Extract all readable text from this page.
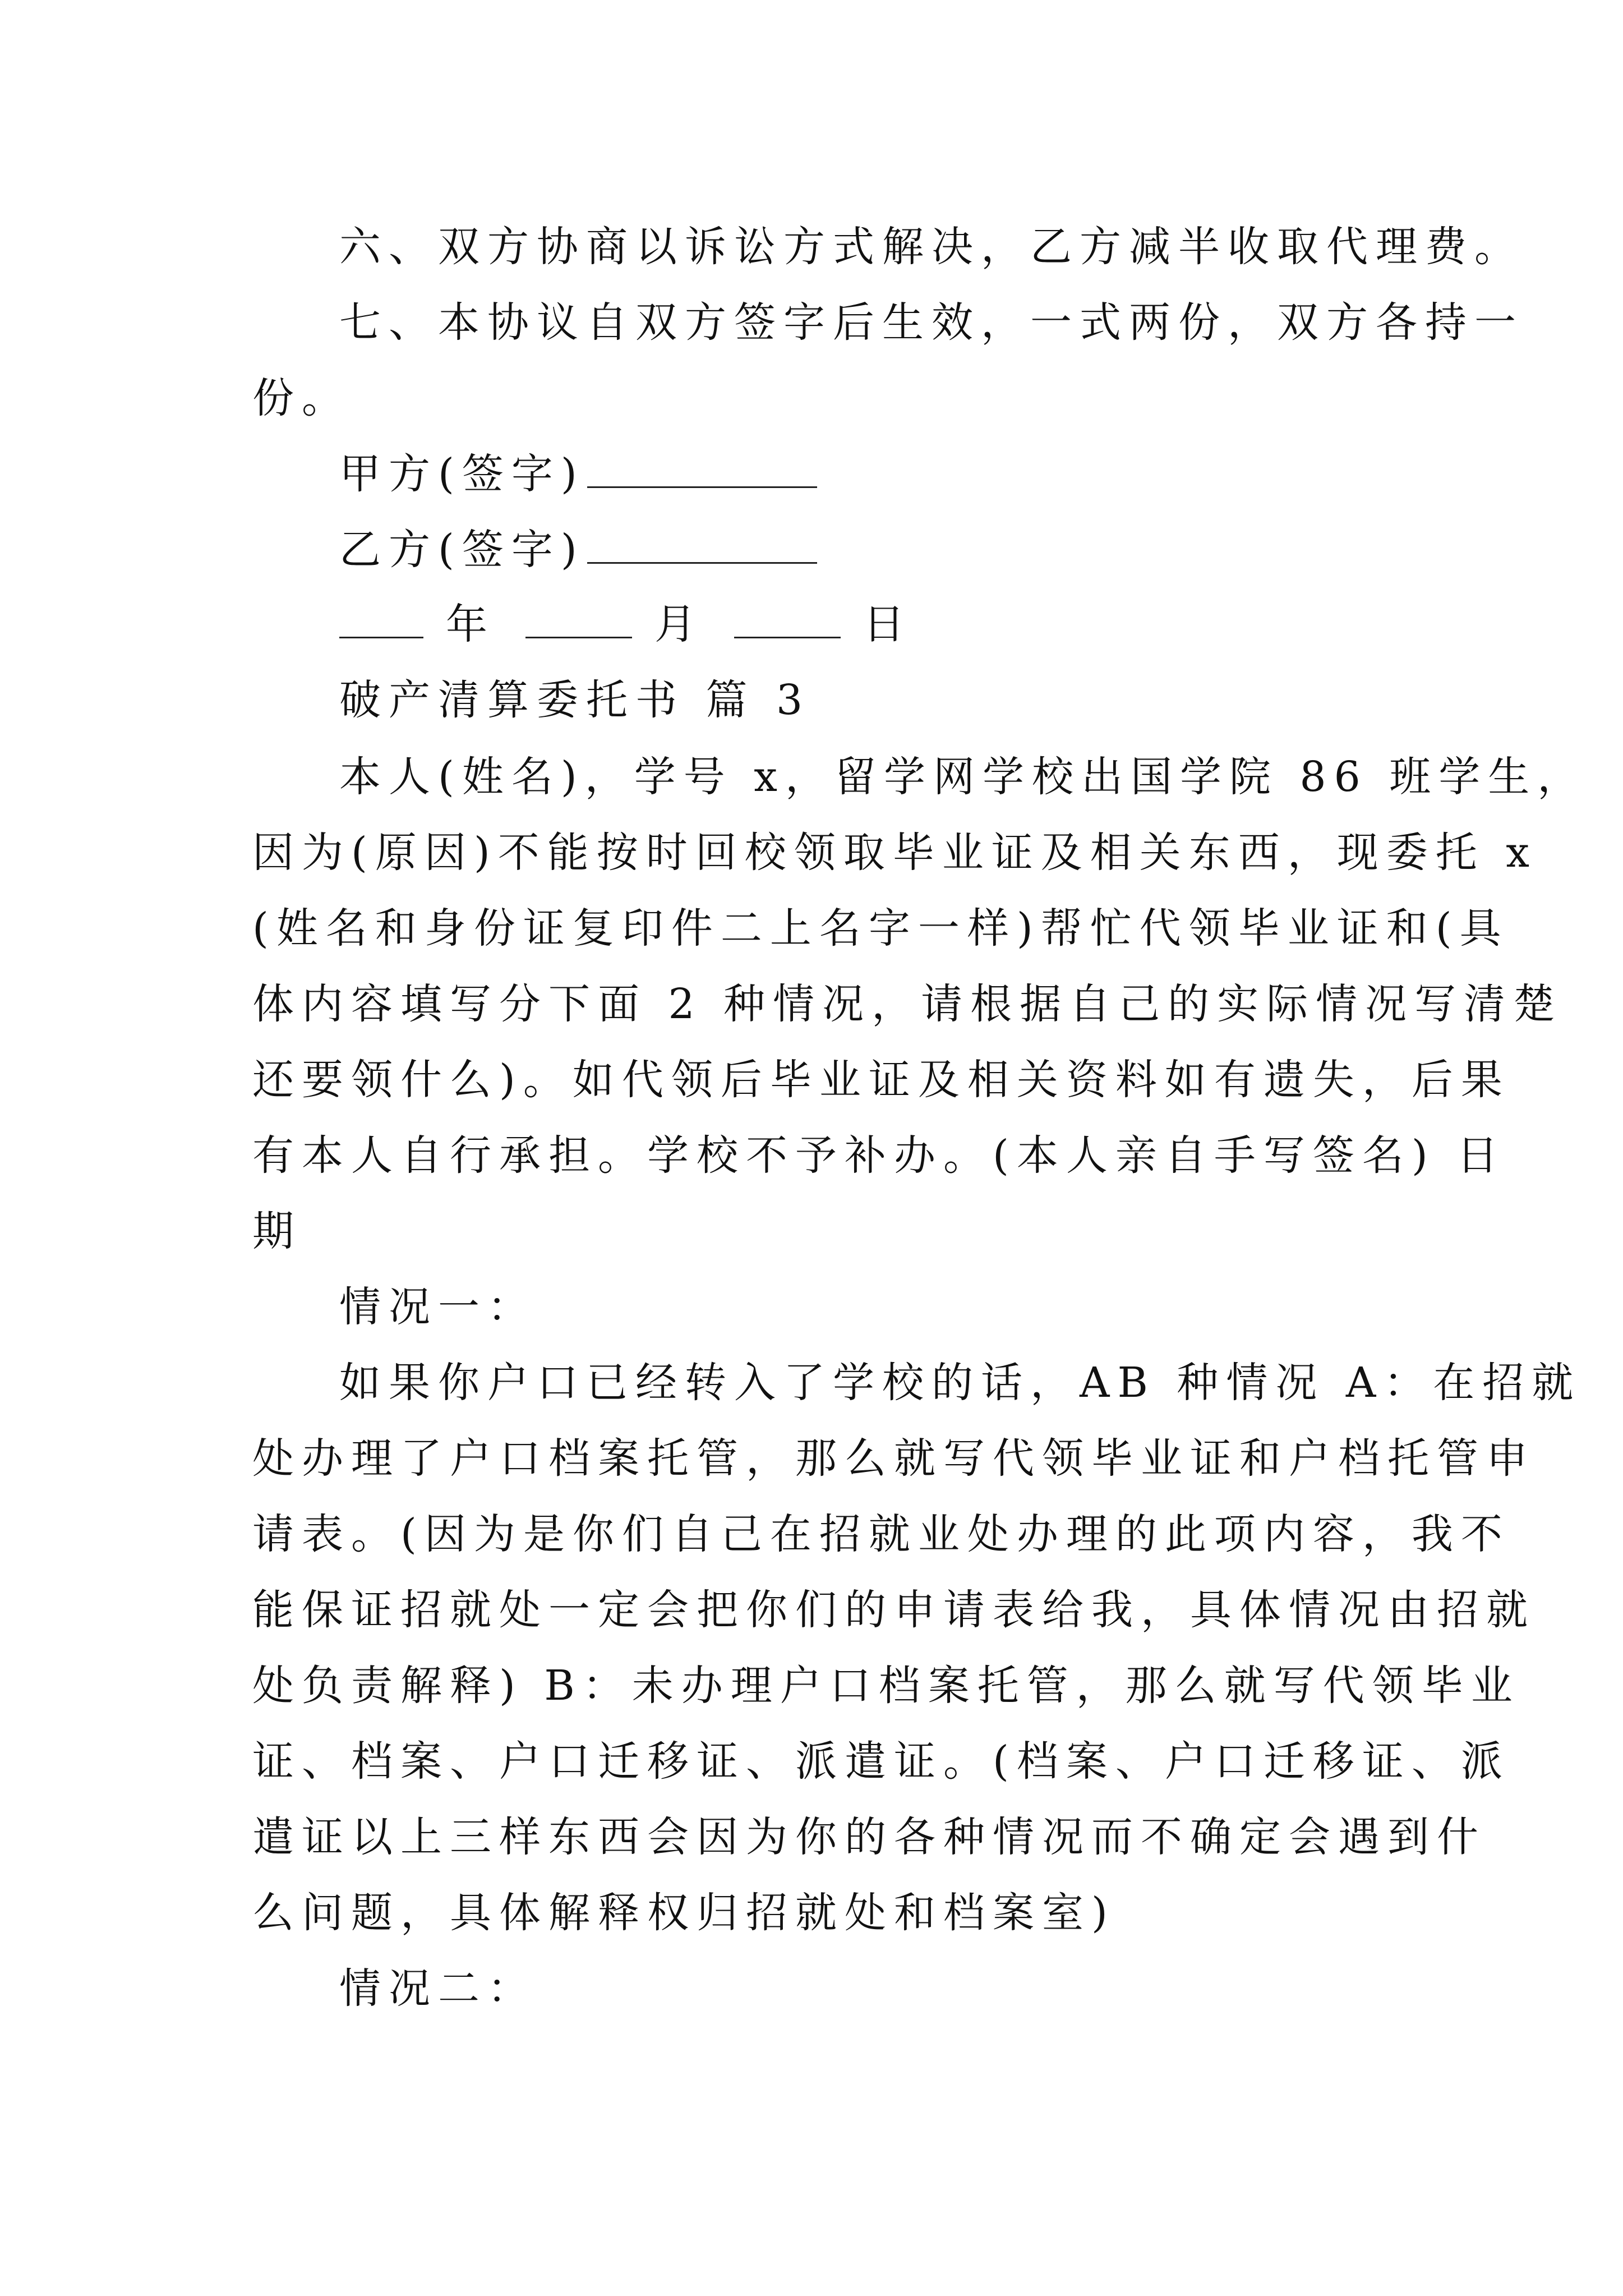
六、双方协商以诉讼方式解决，乙方减半收取代理费。
七、本协议自双方签字后生效，一式两份，双方各持一
份。
甲方(签字)
乙方(签字)
年	月	日
破产清算委托书 篇 3
本人(姓名)，学号 x，留学网学校出国学院 86 班学生，
因为(原因)不能按时回校领取毕业证及相关东西，现委托 x
(姓名和身份证复印件二上名字一样)帮忙代领毕业证和(具
体内容填写分下面 2 种情况，请根据自己的实际情况写清楚
还要领什么)。如代领后毕业证及相关资料如有遗失，后果
有本人自行承担。学校不予补办。(本人亲自手写签名) 日
期
情况一：
如果你户口已经转入了学校的话，AB 种情况 A：在招就
处办理了户口档案托管，那么就写代领毕业证和户档托管申
请表。(因为是你们自己在招就业处办理的此项内容，我不
能保证招就处一定会把你们的申请表给我，具体情况由招就
处负责解释) B：未办理户口档案托管，那么就写代领毕业
证、档案、户口迁移证、派遣证。(档案、户口迁移证、派
遣证以上三样东西会因为你的各种情况而不确定会遇到什
么问题，具体解释权归招就处和档案室)
情况二：
